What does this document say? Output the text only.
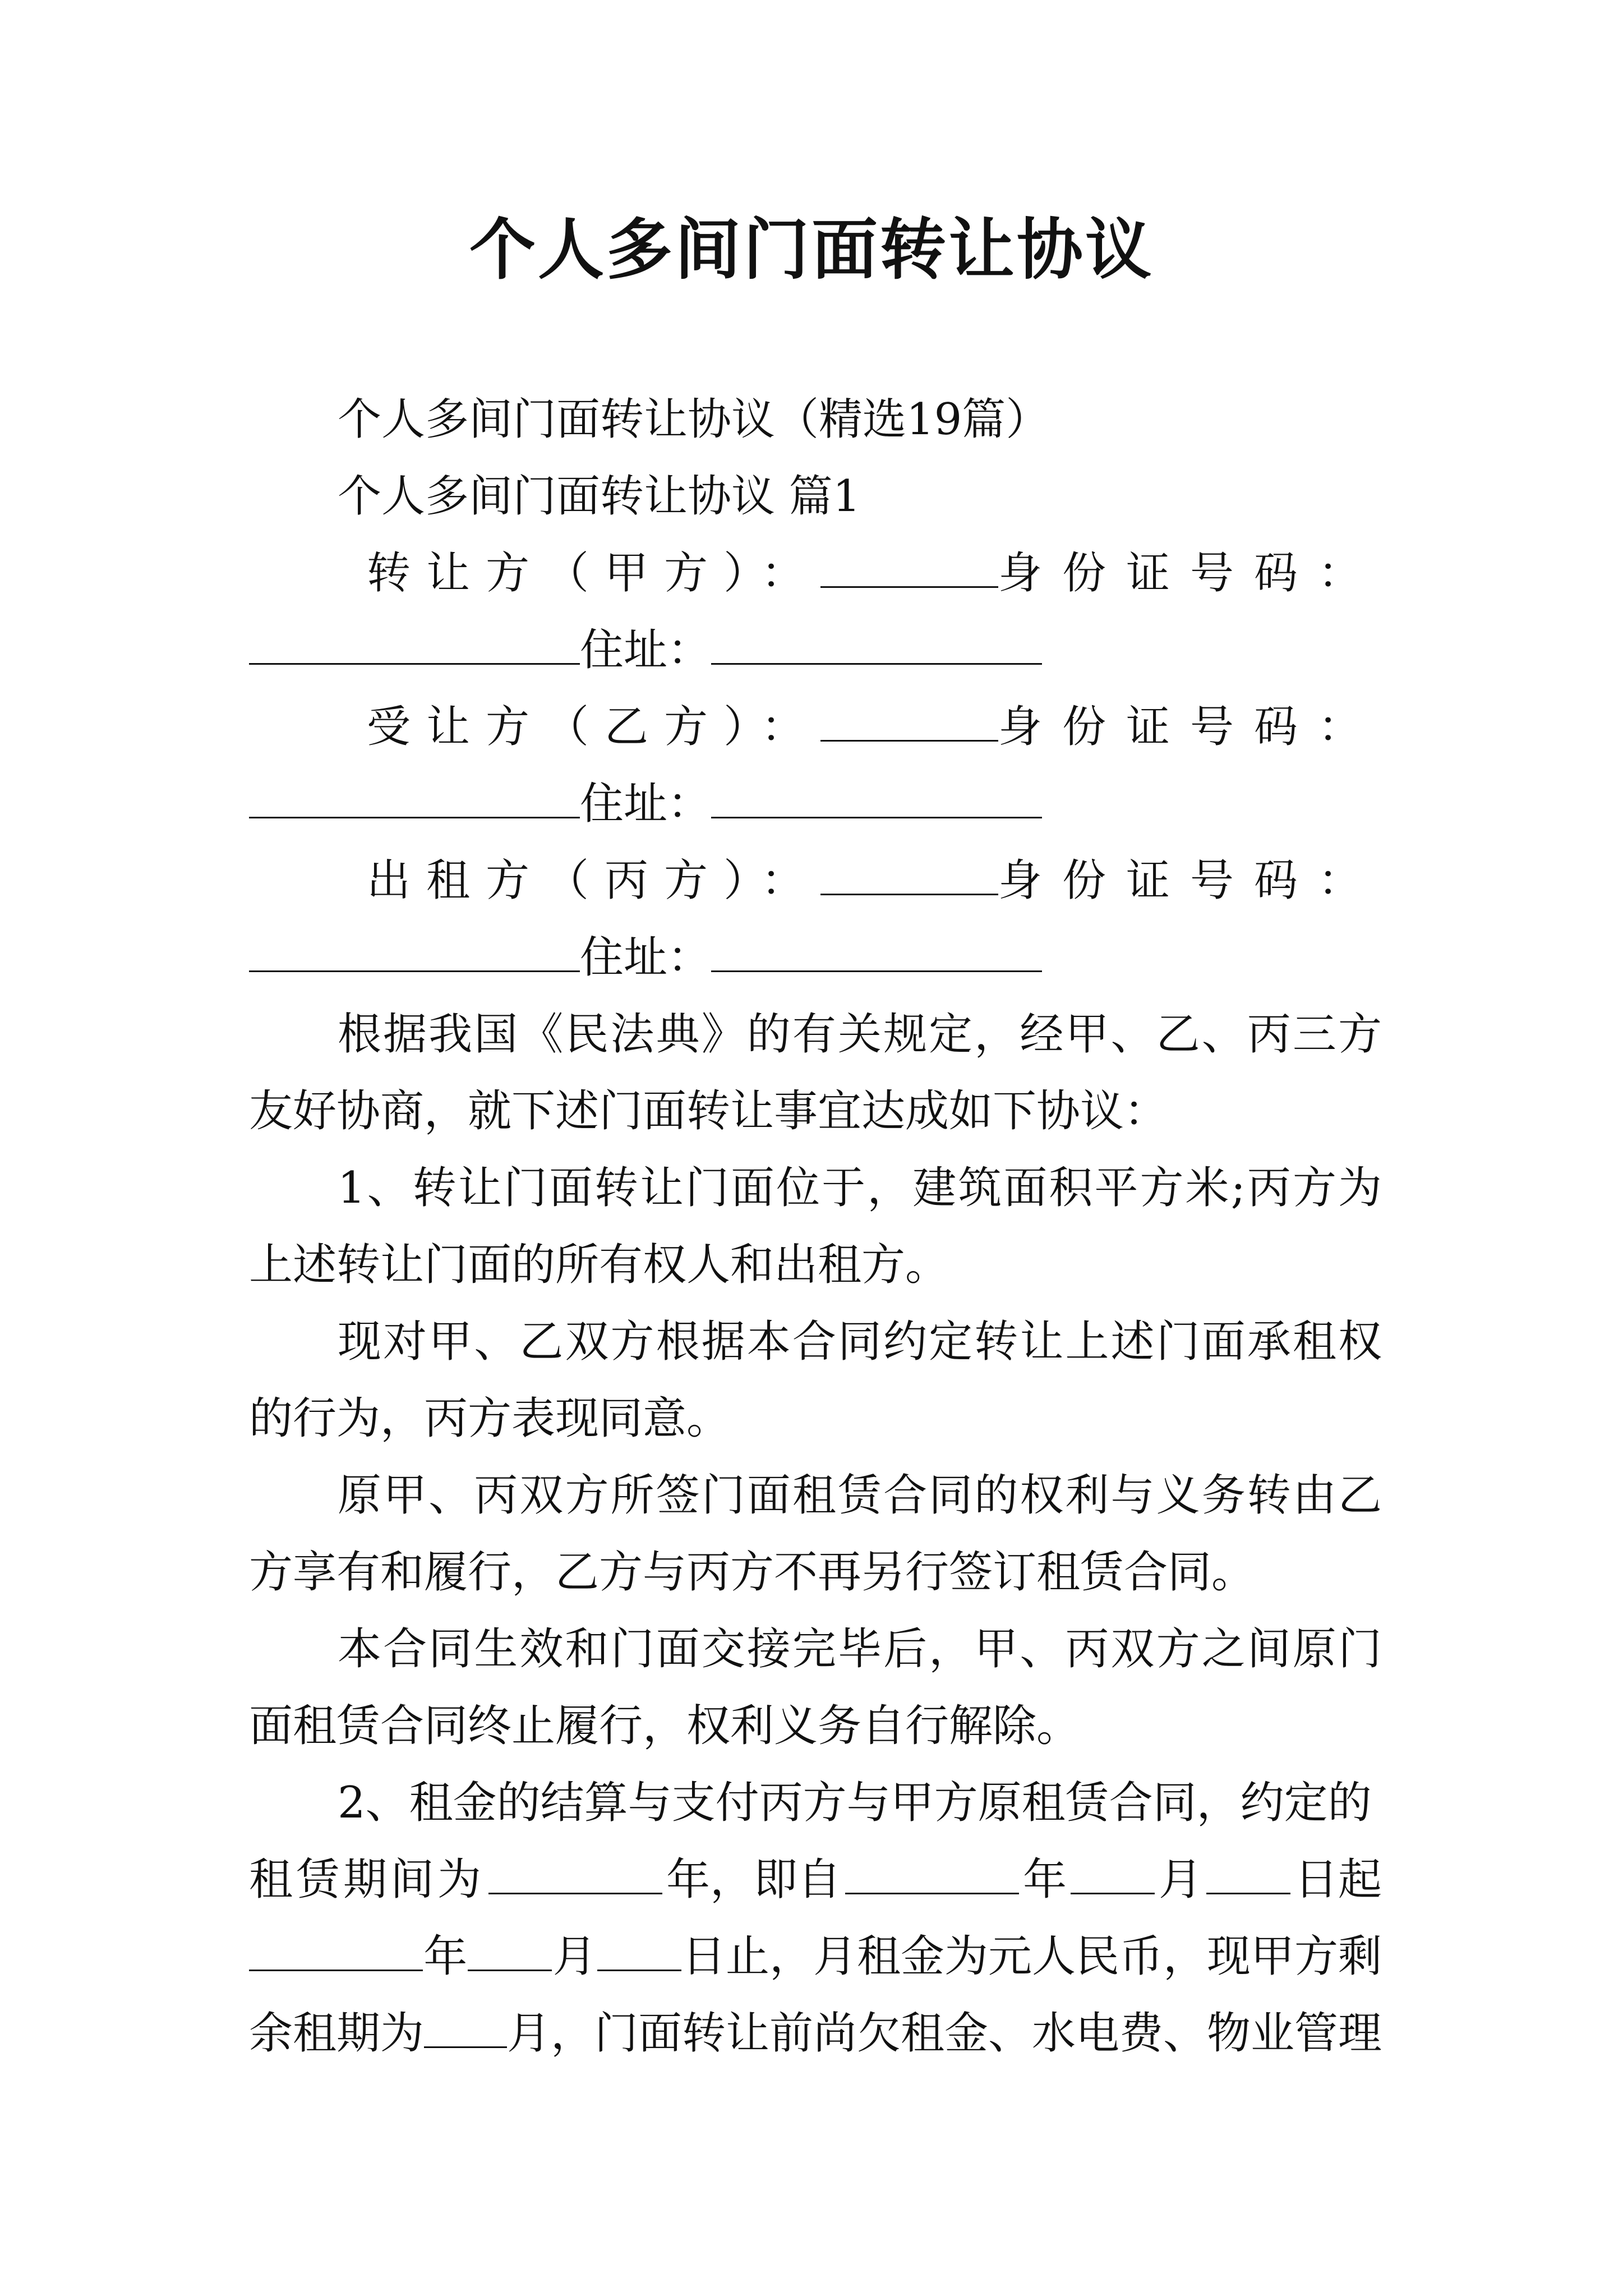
个人多间门面转让协议
个人多间门面转让协议（精选19篇）
个人多间门面转让协议 篇1
转让方（甲方）：	身份证号码：
住址：
受让方（乙方）：	身份证号码：
住址：
出租方（丙方）：	身份证号码：
住址：
根据我国《民法典》的有关规定，经甲、乙、丙三方友好协商，就下述门面转让事宜达成如下协议：
1、转让门面转让门面位于，建筑面积平方米;丙方为上述转让门面的所有权人和出租方。
现对甲、乙双方根据本合同约定转让上述门面承租权的行为，丙方表现同意。
原甲、丙双方所签门面租赁合同的权利与义务转由乙方享有和履行，乙方与丙方不再另行签订租赁合同。
本合同生效和门面交接完毕后，甲、丙双方之间原门面租赁合同终止履行，权利义务自行解除。
2、租金的结算与支付丙方与甲方原租赁合同，约定的
租赁期间为	年，即自	年 月 日起
年 月 日止，月租金为元人民币，现甲方剩
余租期为 月，门面转让前尚欠租金、水电费、物业管理
